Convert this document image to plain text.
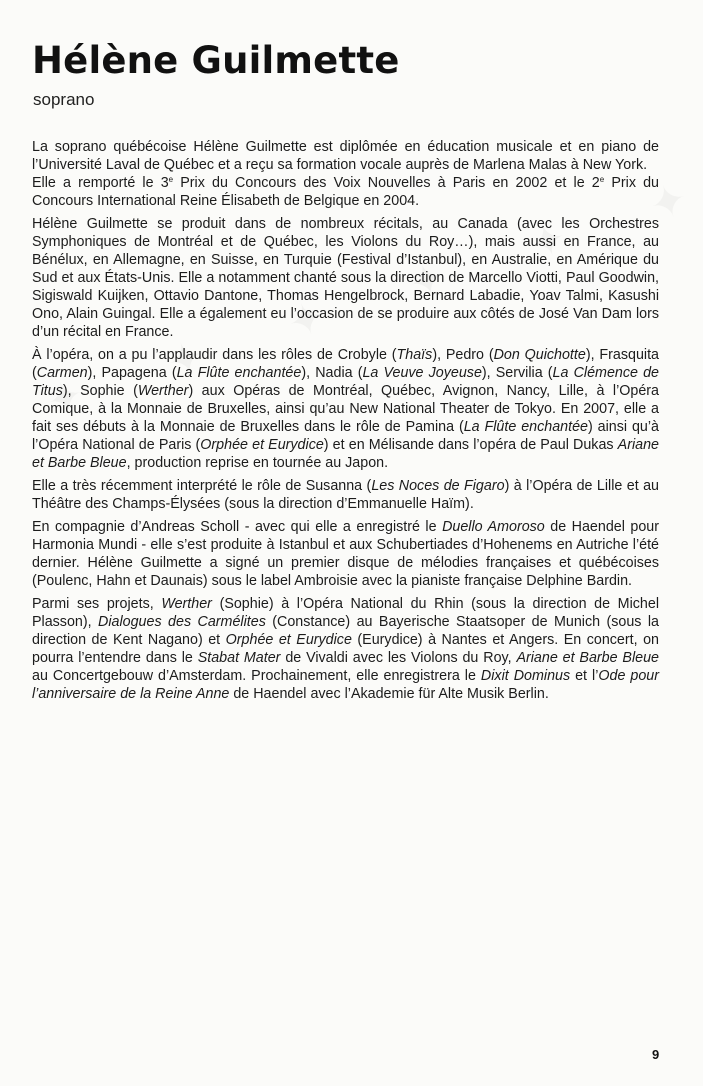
Hélène Guilmette
soprano

La soprano québécoise Hélène Guilmette est diplômée en éducation musicale et en piano de l’Université Laval de Québec et a reçu sa formation vocale auprès de Marlena Malas à New York.

Elle a remporté le 3e Prix du Concours des Voix Nouvelles à Paris en 2002 et le 2e Prix du Concours International Reine Élisabeth de Belgique en 2004.

Hélène Guilmette se produit dans de nombreux récitals, au Canada (avec les Orchestres Symphoniques de Montréal et de Québec, les Violons du Roy…), mais aussi en France, au Bénélux, en Allemagne, en Suisse, en Turquie (Festival d’Istanbul), en Australie, en Amérique du Sud et aux États-Unis. Elle a notamment chanté sous la direction de Marcello Viotti, Paul Goodwin, Sigiswald Kuijken, Ottavio Dantone, Thomas Hengelbrock, Bernard Labadie, Yoav Talmi, Kasushi Ono, Alain Guingal. Elle a également eu l’occasion de se produire aux côtés de José Van Dam lors d’un récital en France.

À l’opéra, on a pu l’applaudir dans les rôles de Crobyle (Thaïs), Pedro (Don Quichotte), Frasquita (Carmen), Papagena (La Flûte enchantée), Nadia (La Veuve Joyeuse), Servilia (La Clémence de Titus), Sophie (Werther) aux Opéras de Montréal, Québec, Avignon, Nancy, Lille, à l’Opéra Comique, à la Monnaie de Bruxelles, ainsi qu’au New National Theater de Tokyo. En 2007, elle a fait ses débuts à la Monnaie de Bruxelles dans le rôle de Pamina (La Flûte enchantée) ainsi qu’à l’Opéra National de Paris (Orphée et Eurydice) et en Mélisande dans l’opéra de Paul Dukas Ariane et Barbe Bleue, production reprise en tournée au Japon.

Elle a très récemment interprété le rôle de Susanna (Les Noces de Figaro) à l’Opéra de Lille et au Théâtre des Champs-Élysées (sous la direction d’Emmanuelle Haïm).

En compagnie d’Andreas Scholl - avec qui elle a enregistré le Duello Amoroso de Haendel pour Harmonia Mundi - elle s’est produite à Istanbul et aux Schubertiades d’Hohenems en Autriche l’été dernier. Hélène Guilmette a signé un premier disque de mélodies françaises et québécoises (Poulenc, Hahn et Daunais) sous le label Ambroisie avec la pianiste française Delphine Bardin.

Parmi ses projets, Werther (Sophie) à l’Opéra National du Rhin (sous la direction de Michel Plasson), Dialogues des Carmélites (Constance) au Bayerische Staatsoper de Munich (sous la direction de Kent Nagano) et Orphée et Eurydice (Eurydice) à Nantes et Angers. En concert, on pourra l’entendre dans le Stabat Mater de Vivaldi avec les Violons du Roy, Ariane et Barbe Bleue au Concertgebouw d’Amsterdam. Prochainement, elle enregistrera le Dixit Dominus et l’Ode pour l’anniversaire de la Reine Anne de Haendel avec l’Akademie für Alte Musik Berlin.

9
